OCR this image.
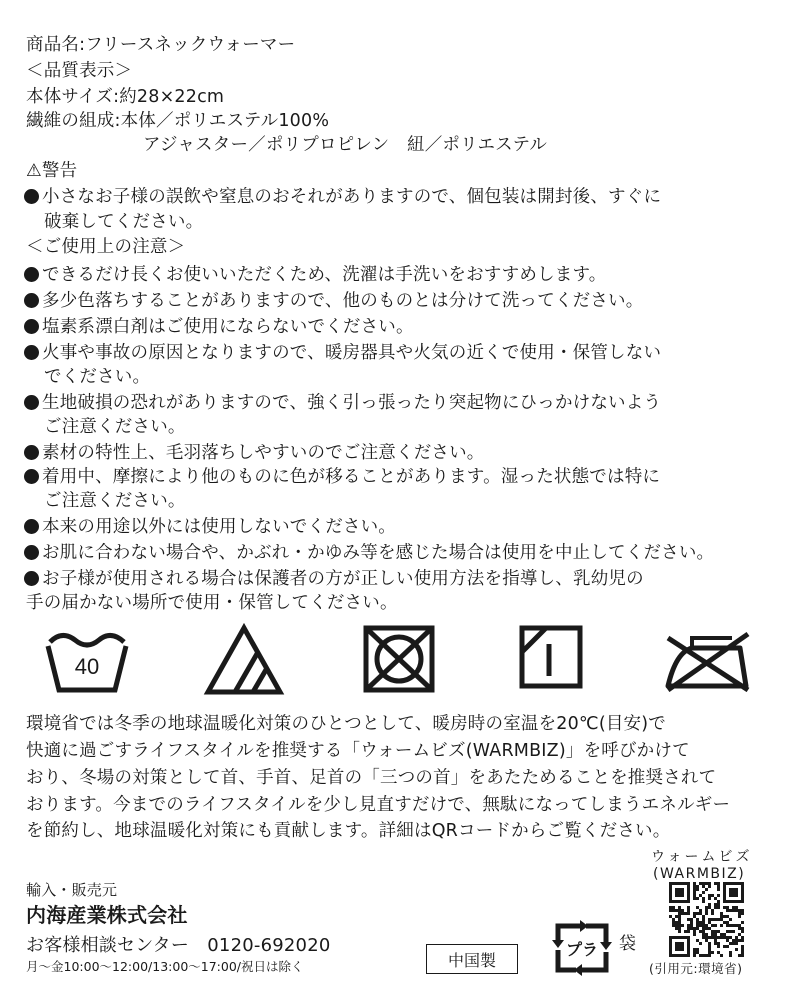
商品名:フリースネックウォーマー
＜品質表示＞
本体サイズ:約28×22cm
繊維の組成:本体／ポリエステル100%
アジャスター／ポリプロピレン　紐／ポリエステル
⚠警告
小さなお子様の誤飲や窒息のおそれがありますので、個包装は開封後、すぐに
破棄してください。
＜ご使用上の注意＞
できるだけ長くお使いいただくため、洗濯は手洗いをおすすめします。
多少色落ちすることがありますので、他のものとは分けて洗ってください。
塩素系漂白剤はご使用にならないでください。
火事や事故の原因となりますので、暖房器具や火気の近くで使用・保管しない
でください。
生地破損の恐れがありますので、強く引っ張ったり突起物にひっかけないよう
ご注意ください。
素材の特性上、毛羽落ちしやすいのでご注意ください。
着用中、摩擦により他のものに色が移ることがあります。湿った状態では特に
ご注意ください。
本来の用途以外には使用しないでください。
お肌に合わない場合や、かぶれ・かゆみ等を感じた場合は使用を中止してください。
お子様が使用される場合は保護者の方が正しい使用方法を指導し、乳幼児の
手の届かない場所で使用・保管してください。
40
環境省では冬季の地球温暖化対策のひとつとして、暖房時の室温を20℃(目安)で
快適に過ごすライフスタイルを推奨する「ウォームビズ(WARMBIZ)」を呼びかけて
おり、冬場の対策として首、手首、足首の「三つの首」をあたためることを推奨されて
おります。今までのライフスタイルを少し見直すだけで、無駄になってしまうエネルギー
を節約し、地球温暖化対策にも貢献します。詳細はQRコードからご覧ください。
輸入・販売元
内海産業株式会社
お客様相談センター　0120-692020
月〜金10:00〜12:00/13:00〜17:00/祝日は除く	中国製
プラ 袋
ウォームビズ
(WARMBIZ)
(引用元:環境省)
